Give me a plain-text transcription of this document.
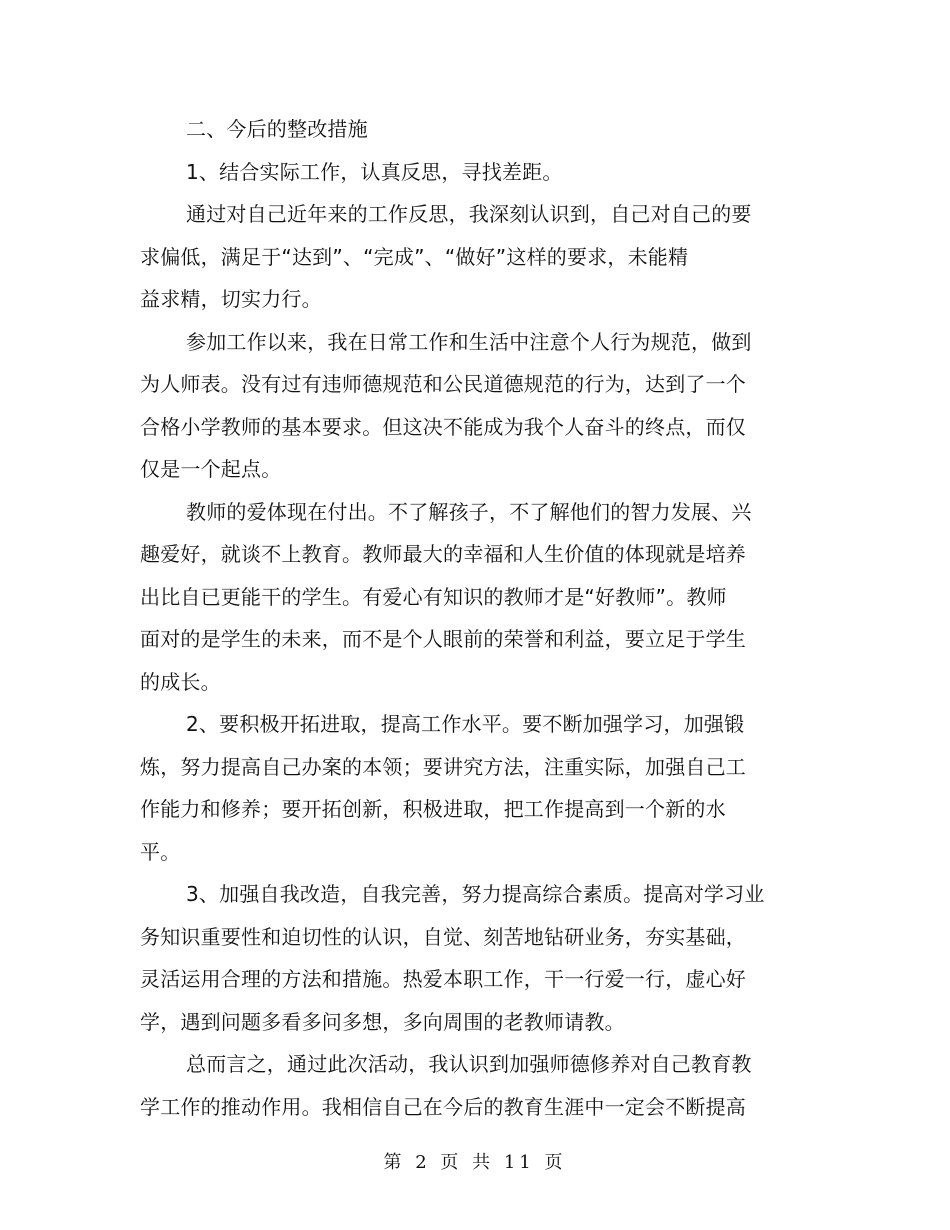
二、今后的整改措施
1、结合实际工作，认真反思，寻找差距。
通过对自己近年来的工作反思，我深刻认识到，自己对自己的要
求偏低，满足于“达到”、“完成”、“做好”这样的要求，未能精
益求精，切实力行。
参加工作以来，我在日常工作和生活中注意个人行为规范，做到
为人师表。没有过有违师德规范和公民道德规范的行为，达到了一个
合格小学教师的基本要求。但这决不能成为我个人奋斗的终点，而仅
仅是一个起点。
教师的爱体现在付出。不了解孩子，不了解他们的智力发展、兴
趣爱好，就谈不上教育。教师最大的幸福和人生价值的体现就是培养
出比自已更能干的学生。有爱心有知识的教师才是“好教师”。教师
面对的是学生的未来，而不是个人眼前的荣誉和利益，要立足于学生
的成长。
2、要积极开拓进取，提高工作水平。要不断加强学习，加强锻
炼，努力提高自己办案的本领；要讲究方法，注重实际，加强自己工
作能力和修养；要开拓创新，积极进取，把工作提高到一个新的水
平。
3、加强自我改造，自我完善，努力提高综合素质。提高对学习业
务知识重要性和迫切性的认识，自觉、刻苦地钻研业务，夯实基础，
灵活运用合理的方法和措施。热爱本职工作，干一行爱一行，虚心好
学，遇到问题多看多问多想，多向周围的老教师请教。
总而言之，通过此次活动，我认识到加强师德修养对自己教育教
学工作的推动作用。我相信自己在今后的教育生涯中一定会不断提高
第 2 页 共 11 页
